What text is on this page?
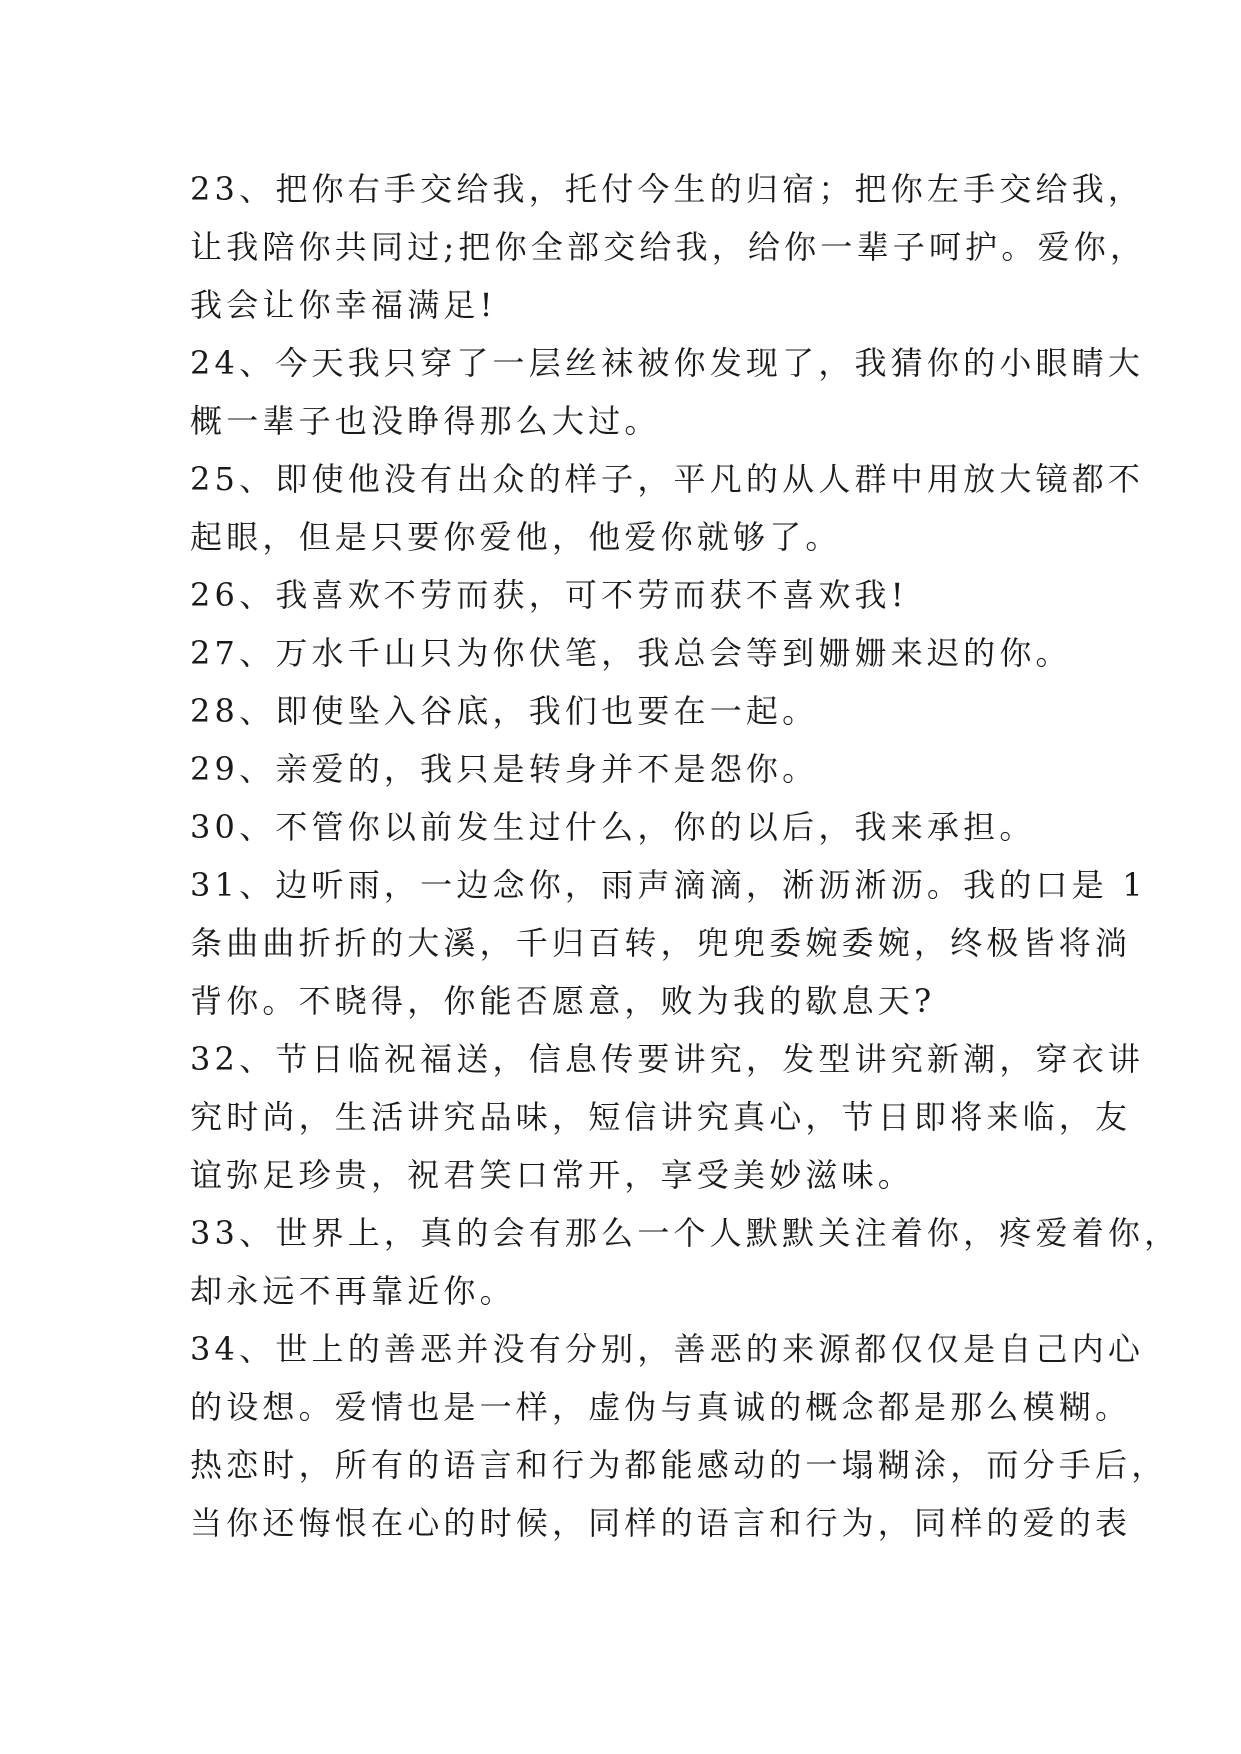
23、把你右手交给我，托付今生的归宿；把你左手交给我，
让我陪你共同过;把你全部交给我，给你一辈子呵护。爱你，
我会让你幸福满足!
24、今天我只穿了一层丝袜被你发现了，我猜你的小眼睛大
概一辈子也没睁得那么大过。
25、即使他没有出众的样子，平凡的从人群中用放大镜都不
起眼，但是只要你爱他，他爱你就够了。
26、我喜欢不劳而获，可不劳而获不喜欢我!
27、万水千山只为你伏笔，我总会等到姗姗来迟的你。
28、即使坠入谷底，我们也要在一起。
29、亲爱的，我只是转身并不是怨你。
30、不管你以前发生过什么，你的以后，我来承担。
31、边听雨，一边念你，雨声滴滴，淅沥淅沥。我的口是 1
条曲曲折折的大溪，千归百转，兜兜委婉委婉，终极皆将淌
背你。不晓得，你能否愿意，败为我的歇息天?
32、节日临祝福送，信息传要讲究，发型讲究新潮，穿衣讲
究时尚，生活讲究品味，短信讲究真心，节日即将来临，友
谊弥足珍贵，祝君笑口常开，享受美妙滋味。
33、世界上，真的会有那么一个人默默关注着你，疼爱着你，
却永远不再靠近你。
34、世上的善恶并没有分别，善恶的来源都仅仅是自己内心
的设想。爱情也是一样，虚伪与真诚的概念都是那么模糊。
热恋时，所有的语言和行为都能感动的一塌糊涂，而分手后，
当你还悔恨在心的时候，同样的语言和行为，同样的爱的表
